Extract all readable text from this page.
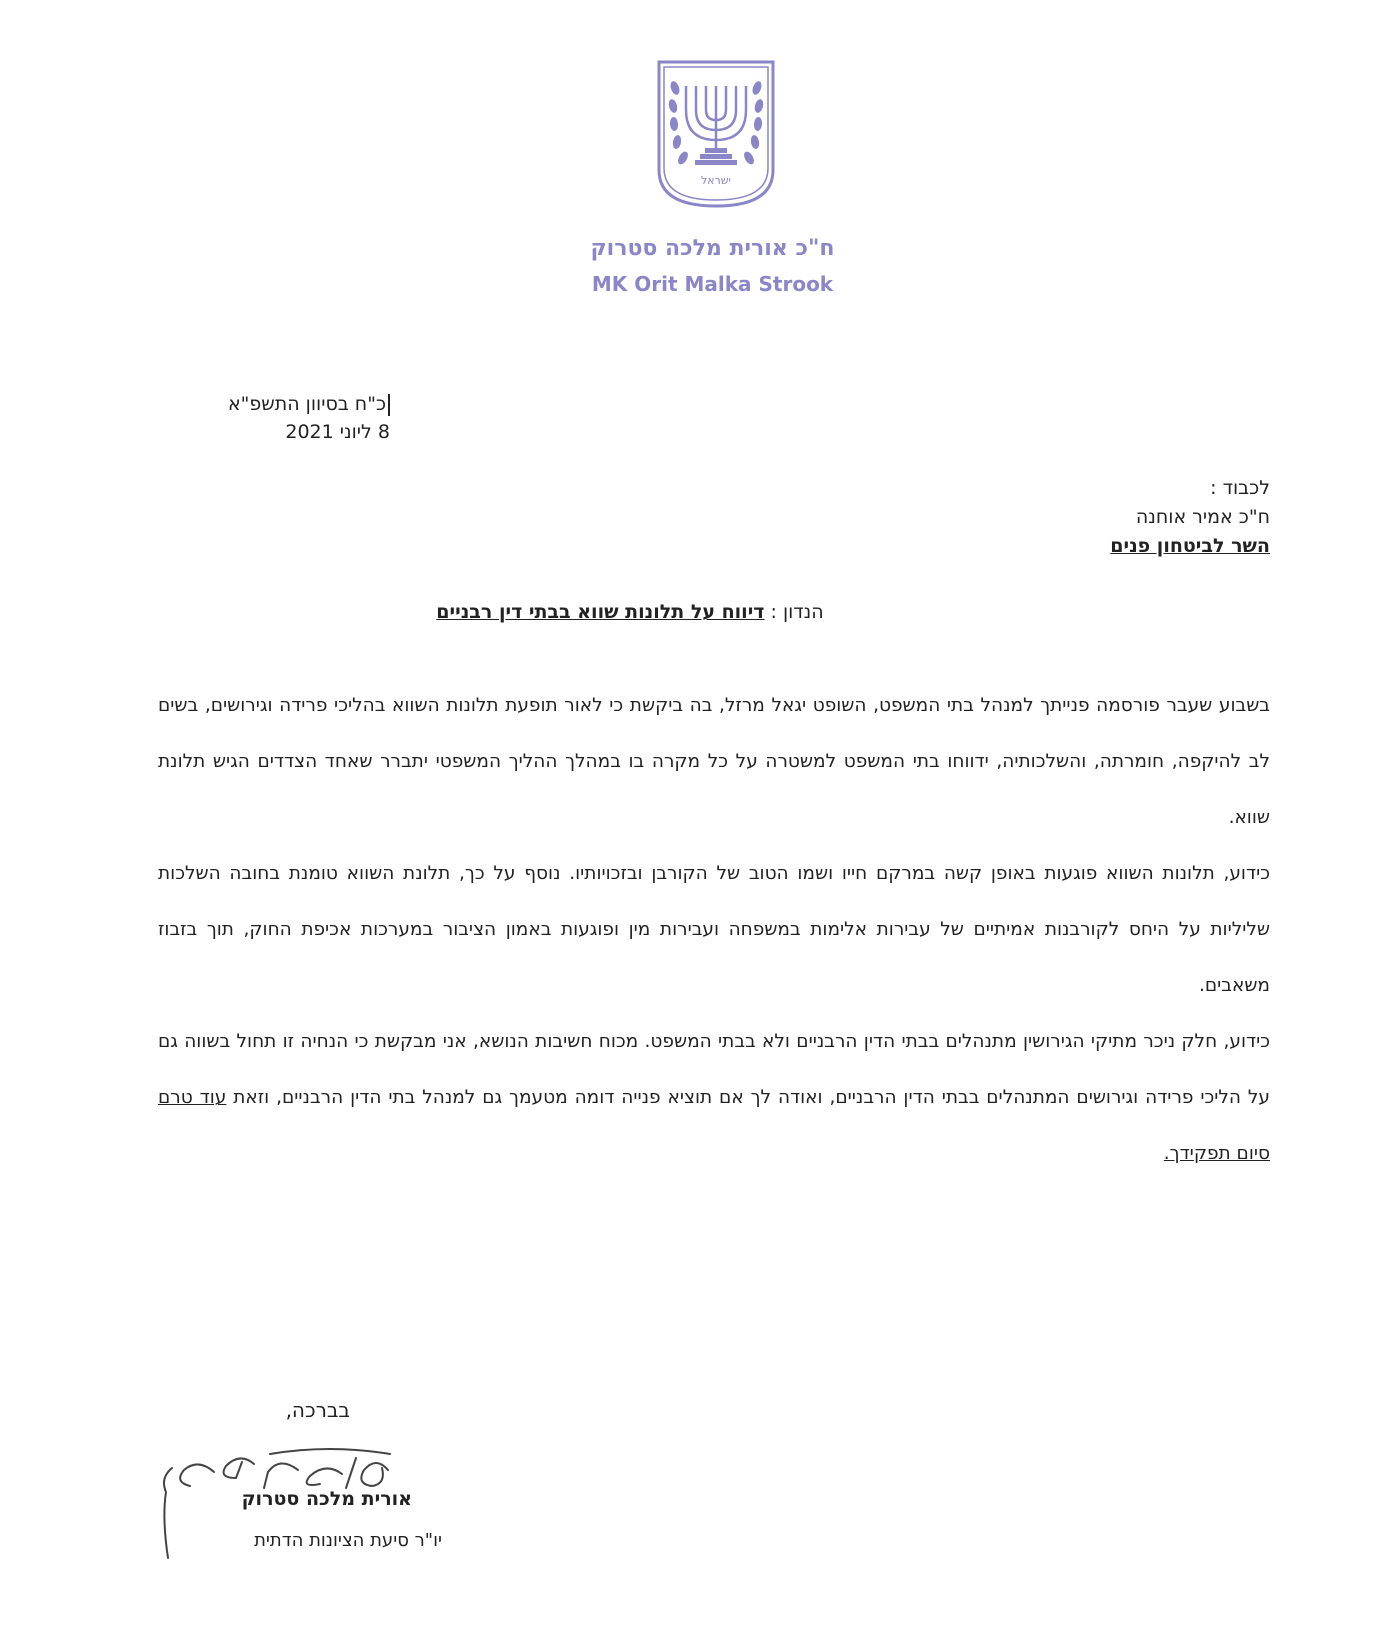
ישראל
ח"כ אורית מלכה סטרוק
MK Orit Malka Strook
כ"ח בסיוון התשפ"א
8 ליוני 2021
לכבוד :
ח"כ אמיר אוחנה
השר לביטחון פנים
הנדון : דיווח על תלונות שווא בבתי דין רבניים

בשבוע שעבר פורסמה פנייתך למנהל בתי המשפט, השופט יגאל מרזל, בה ביקשת כי לאור תופעת תלונות השווא בהליכי פרידה וגירושים, בשים לב להיקפה, חומרתה, והשלכותיה, ידווחו בתי המשפט למשטרה על כל מקרה בו במהלך ההליך המשפטי יתברר שאחד הצדדים הגיש תלונת שווא.

כידוע, תלונות השווא פוגעות באופן קשה במרקם חייו ושמו הטוב של הקורבן ובזכויותיו. נוסף על כך, תלונת השווא טומנת בחובה השלכות שליליות על היחס לקורבנות אמיתיים של עבירות אלימות במשפחה ועבירות מין ופוגעות באמון הציבור במערכות אכיפת החוק, תוך בזבוז משאבים.

כידוע, חלק ניכר מתיקי הגירושין מתנהלים בבתי הדין הרבניים ולא בבתי המשפט. מכוח חשיבות הנושא, אני מבקשת כי הנחיה זו תחול בשווה גם על הליכי פרידה וגירושים המתנהלים בבתי הדין הרבניים, ואודה לך אם תוציא פנייה דומה מטעמך גם למנהל בתי הדין הרבניים, וזאת עוד טרם סיום תפקידך.

בברכה,
אורית מלכה סטרוק
יו"ר סיעת הציונות הדתית
